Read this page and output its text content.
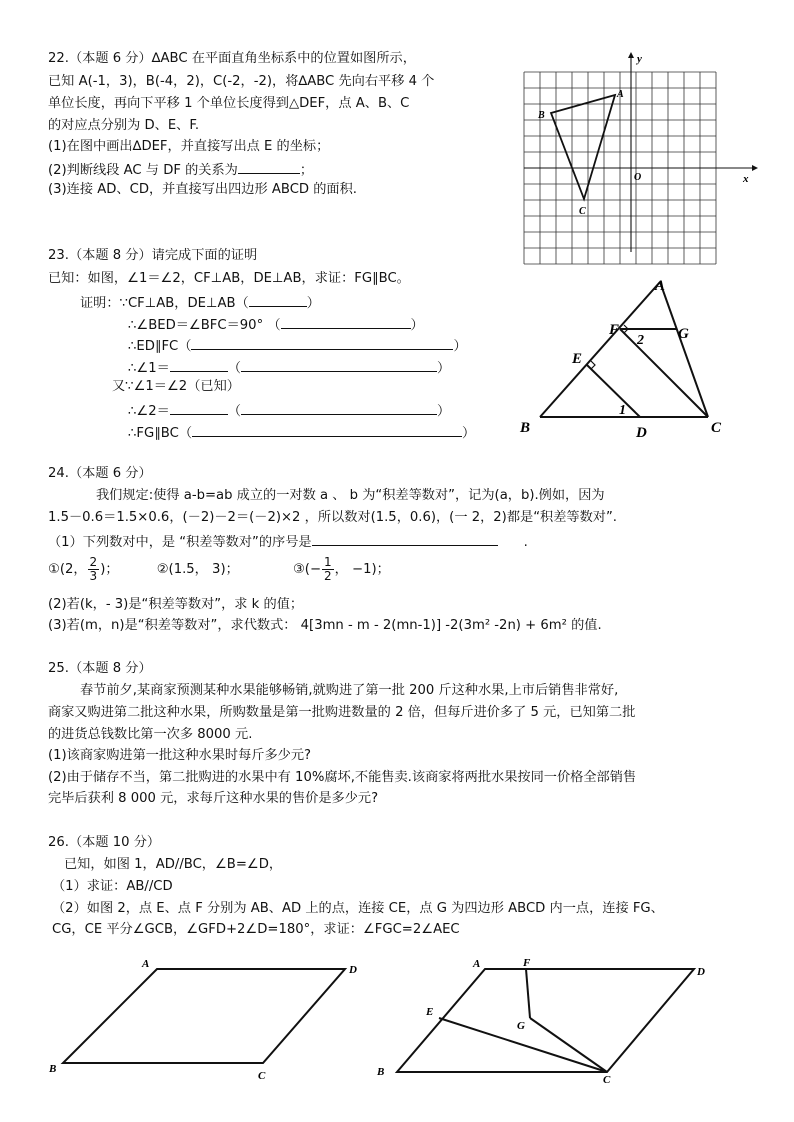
22.（本题 6 分）∆ABC 在平面直角坐标系中的位置如图所示，
已知 A(-1，3)，B(-4，2)，C(-2，-2)，将∆ABC 先向右平移 4 个
单位长度，再向下平移 1 个单位长度得到△DEF，点 A、B、C
的对应点分别为 D、E、F.
(1)在图中画出∆DEF，并直接写出点 E 的坐标；
(2)判断线段 AC 与 DF 的关系为	；
(3)连接 AD、CD，并直接写出四边形 ABCD 的面积.
y
x
O
A
B
C
23.（本题 8 分）请完成下面的证明
已知：如图，∠1＝∠2，CF⊥AB，DE⊥AB，求证：FG∥BC。
证明：∵CF⊥AB，DE⊥AB（	）
∴∠BED＝∠BFC＝90° （	）
∴ED∥FC（	）
∴∠1＝	（	）
又∵∠1＝∠2（已知）
∴∠2＝	（	）
∴FG∥BC（	）
A
B	C
D
E
F	G
1
2
24.（本题 6 分）
我们规定:使得 a-b=ab 成立的一对数 a 、 b 为“积差等数对”，记为(a，b).例如，因为
1.5－0.6＝1.5×0.6，(－2)－2＝(－2)×2 ，所以数对(1.5，0.6)，(一 2，2)都是“积差等数对”.
（1）下列数对中，是 “积差等数对”的序号是	.
①(2， $\frac{2}{3}$ )；	②(1.5， 3)；	③(− $\frac{1}{2}$ ， −1)；
(2)若(k，- 3)是“积差等数对”，求 k 的值；
(3)若(m，n)是“积差等数对”，求代数式： 4[3mn - m - 2(mn-1)] -2(3m² -2n) + 6m² 的值.
25.（本题 8 分）
春节前夕,某商家预测某种水果能够畅销,就购进了第一批 200 斤这种水果,上市后销售非常好,
商家又购进第二批这种水果，所购数量是第一批购进数量的 2 倍，但每斤进价多了 5 元，已知第二批
的进货总钱数比第一次多 8000 元.
(1)该商家购进第一批这种水果时每斤多少元?
(2)由于储存不当，第二批购进的水果中有 10%腐坏,不能售卖.该商家将两批水果按同一价格全部销售
完毕后获利 8 000 元，求每斤这种水果的售价是多少元?
26.（本题 10 分）
已知，如图 1，AD//BC，∠B=∠D，
（1）求证：AB//CD
（2）如图 2，点 E、点 F 分别为 AB、AD 上的点，连接 CE，点 G 为四边形 ABCD 内一点，连接 FG、
CG，CE 平分∠GCB，∠GFD+2∠D=180°，求证：∠FGC=2∠AEC
A	D
B
C
A	F
D
E
G
B
C
